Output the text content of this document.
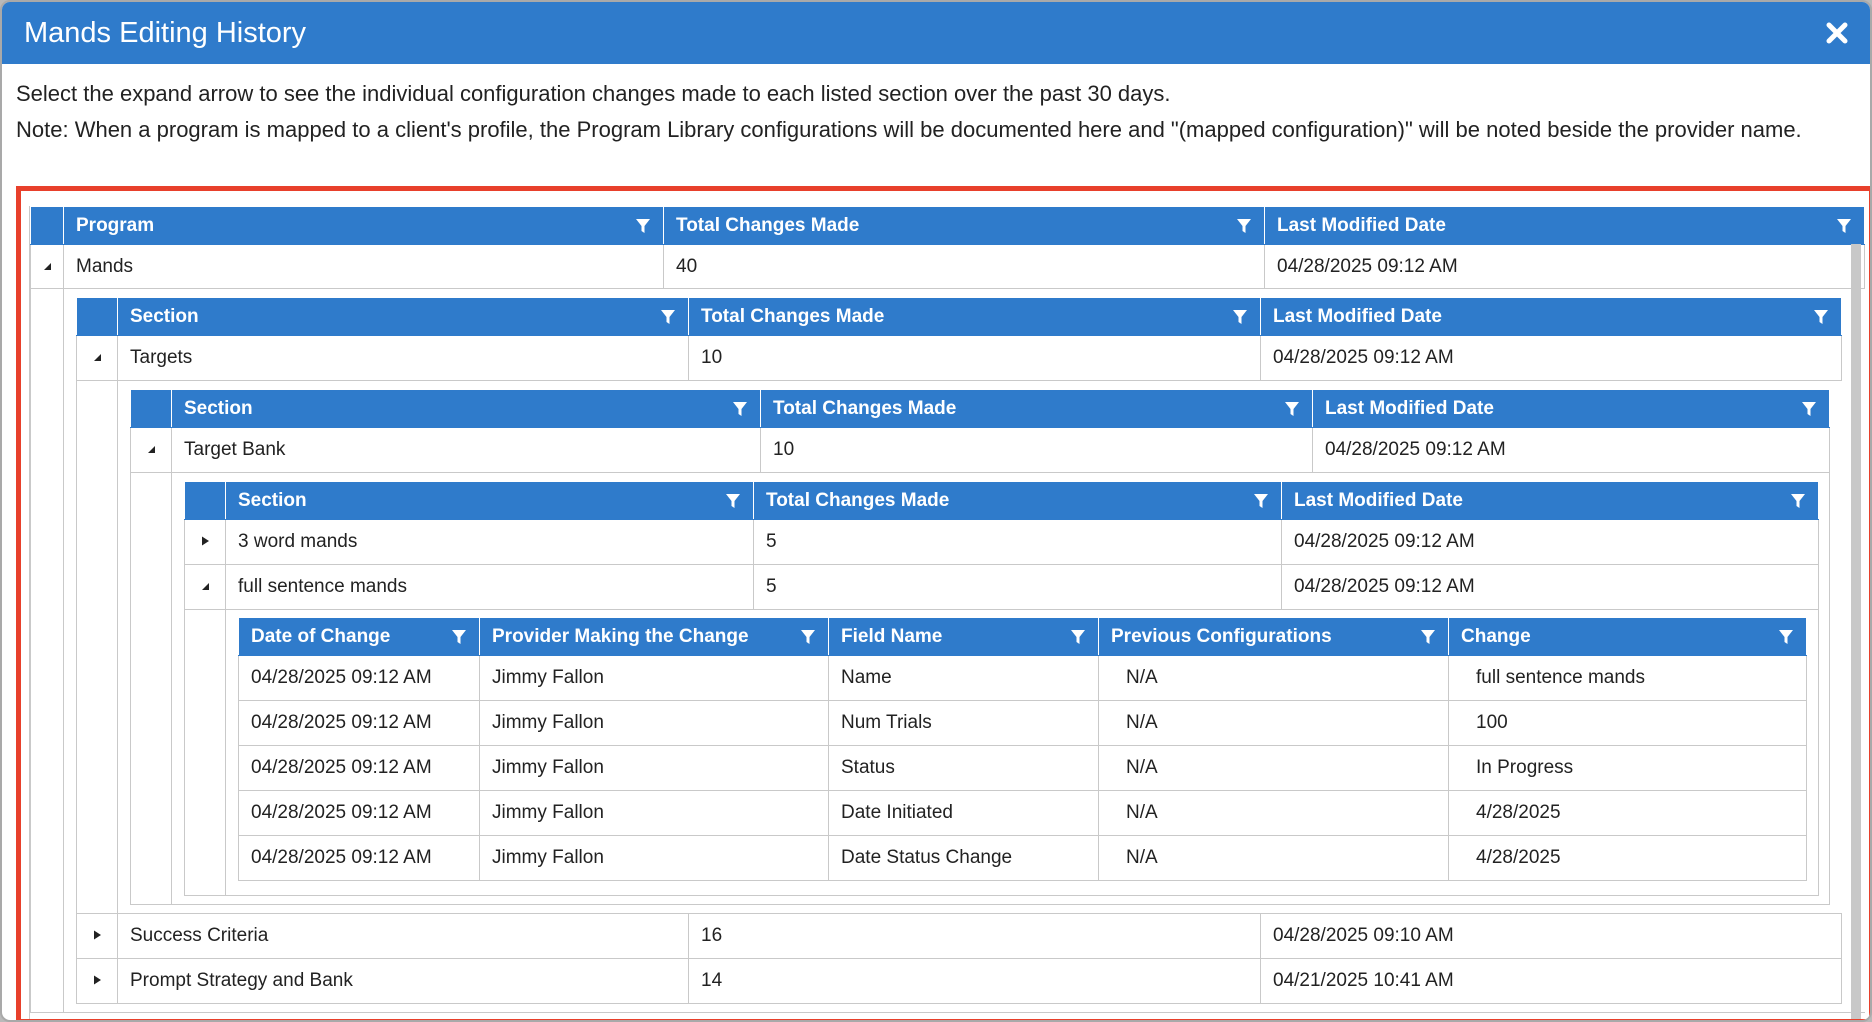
Mands Editing History
Select the expand arrow to see the individual configuration changes made to each listed section over the past 30 days.
Note: When a program is mapped to a client's profile, the Program Library configurations will be documented here and "(mapped configuration)" will be noted beside the provider name.

Program	Total Changes Made	Last Modified Date

	Mands	40	04/28/2025 09:12 AM

Section	Total Changes Made	Last Modified Date

	Targets	10	04/28/2025 09:12 AM

Section	Total Changes Made	Last Modified Date

	Target Bank	10	04/28/2025 09:12 AM

Section	Total Changes Made	Last Modified Date

	3 word mands	5	04/28/2025 09:12 AM
	full sentence mands	5	04/28/2025 09:12 AM

Date of Change	Provider Making the Change	Field Name	Previous Configurations	Change

04/28/2025 09:12 AM	Jimmy Fallon	Name	N/A	full sentence mands
04/28/2025 09:12 AM	Jimmy Fallon	Num Trials	N/A	100
04/28/2025 09:12 AM	Jimmy Fallon	Status	N/A	In Progress
04/28/2025 09:12 AM	Jimmy Fallon	Date Initiated	N/A	4/28/2025
04/28/2025 09:12 AM	Jimmy Fallon	Date Status Change	N/A	4/28/2025

	Success Criteria	16	04/28/2025 09:10 AM
	Prompt Strategy and Bank	14	04/21/2025 10:41 AM
